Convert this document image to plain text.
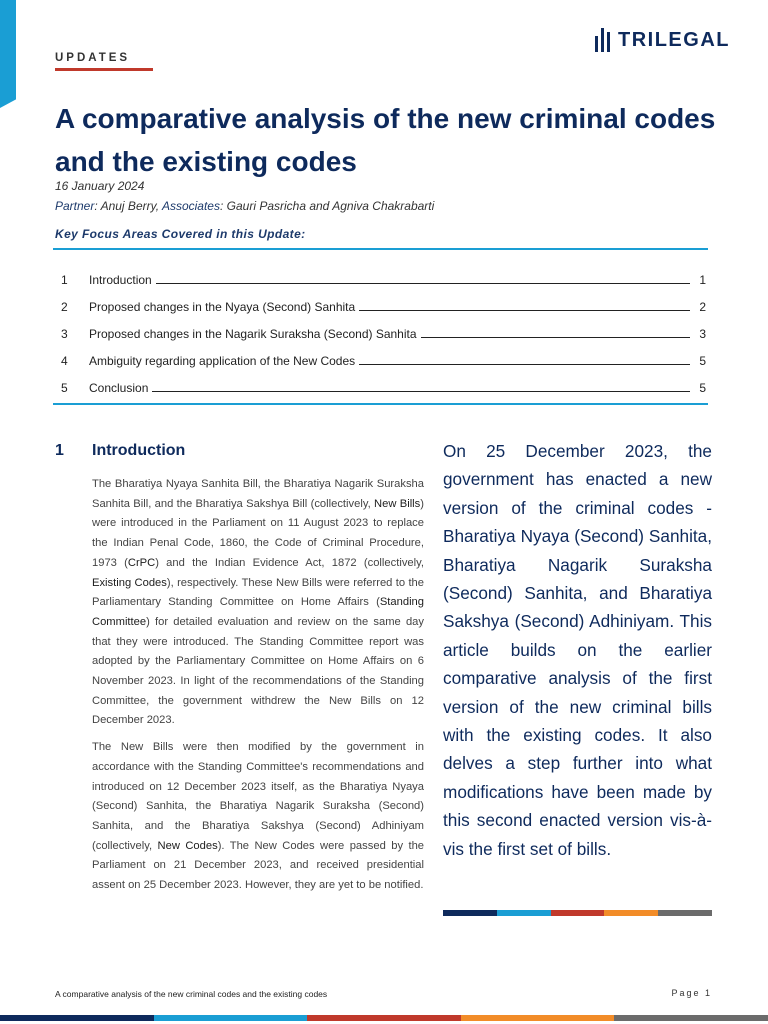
UPDATES
TRILEGAL
A comparative analysis of the new criminal codes and the existing codes
16 January 2024
Partner: Anuj Berry, Associates: Gauri Pasricha and Agniva Chakrabarti
Key Focus Areas Covered in this Update:
1	Introduction	1
2	Proposed changes in the Nyaya (Second) Sanhita	2
3	Proposed changes in the Nagarik Suraksha (Second) Sanhita	3
4	Ambiguity regarding application of the New Codes	5
5	Conclusion	5
1 Introduction

The Bharatiya Nyaya Sanhita Bill, the Bharatiya Nagarik Suraksha Sanhita Bill, and the Bharatiya Sakshya Bill (collectively, New Bills) were introduced in the Parliament on 11 August 2023 to replace the Indian Penal Code, 1860, the Code of Criminal Procedure, 1973 (CrPC) and the Indian Evidence Act, 1872 (collectively, Existing Codes), respectively. These New Bills were referred to the Parliamentary Standing Committee on Home Affairs (Standing Committee) for detailed evaluation and review on the same day that they were introduced. The Standing Committee report was adopted by the Parliamentary Committee on Home Affairs on 6 November 2023. In light of the recommendations of the Standing Committee, the government withdrew the New Bills on 12 December 2023.

The New Bills were then modified by the government in accordance with the Standing Committee's recommendations and introduced on 12 December 2023 itself, as the Bharatiya Nyaya (Second) Sanhita, the Bharatiya Nagarik Suraksha (Second) Sanhita, and the Bharatiya Sakshya (Second) Adhiniyam (collectively, New Codes). The New Codes were passed by the Parliament on 21 December 2023, and received presidential assent on 25 December 2023. However, they are yet to be notified.

On 25 December 2023, the government has enacted a new version of the criminal codes - Bharatiya Nyaya (Second) Sanhita, Bharatiya Nagarik Suraksha (Second) Sanhita, and Bharatiya Sakshya (Second) Adhiniyam. This article builds on the earlier comparative analysis of the first version of the new criminal bills with the existing codes. It also delves a step further into what modifications have been made by this second enacted version vis-à-vis the first set of bills.
A comparative analysis of the new criminal codes and the existing codes	Page 1
